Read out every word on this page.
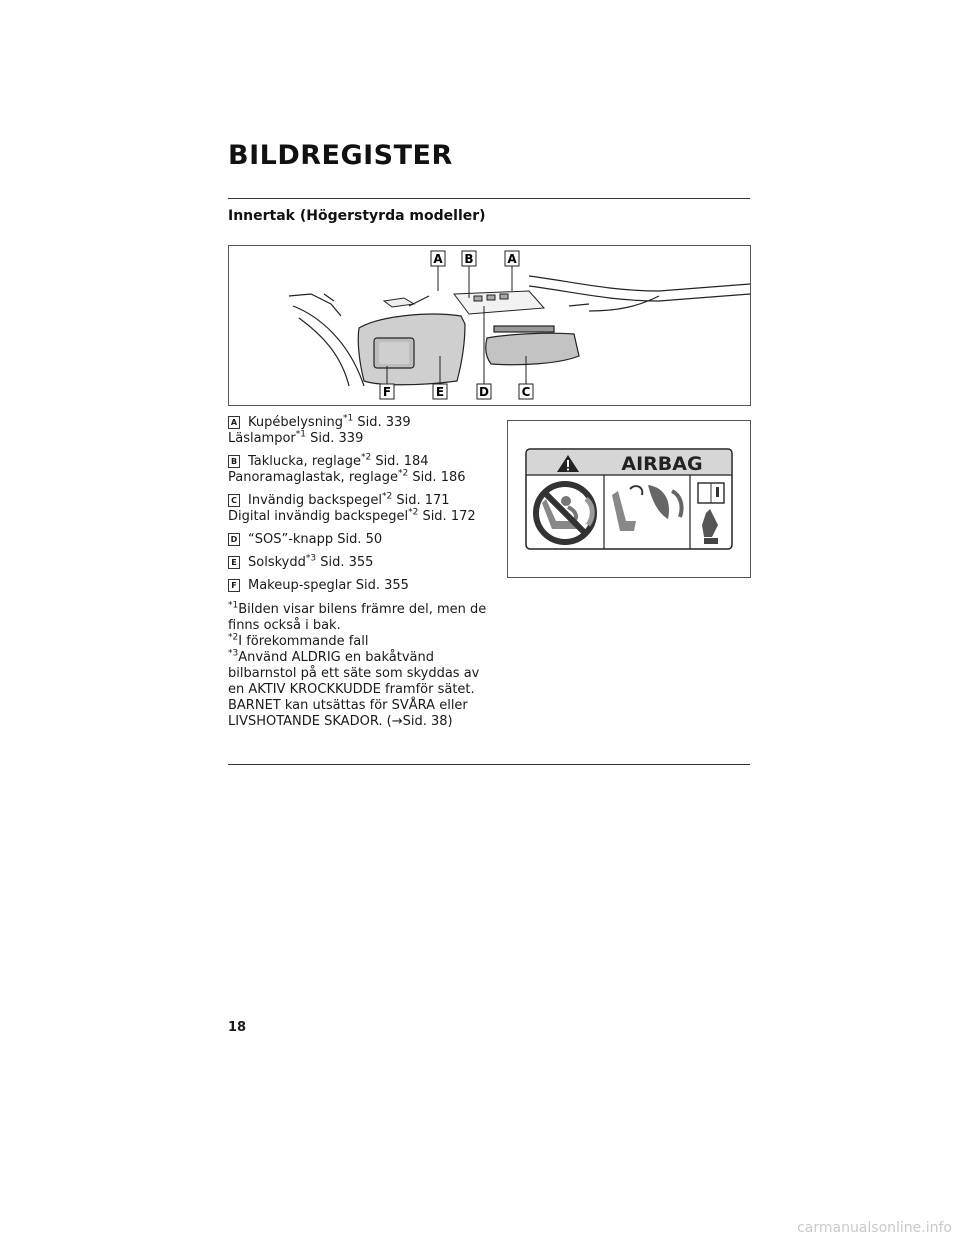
BILDREGISTER
Innertak (Högerstyrda modeller)
A B	A
F	E	D	C
A Kupébelysning$^{*1}$ Sid. 339
Läslampor$^{*1}$ Sid. 339
B Taklucka, reglage$^{*2}$ Sid. 184
Panoramaglastak, reglage$^{*2}$ Sid. 186
C Invändig backspegel$^{*2}$ Sid. 171
Digital invändig backspegel$^{*2}$ Sid. 172
D “SOS”-knapp Sid. 50
E Solskydd$^{*3}$ Sid. 355
F Makeup-speglar Sid. 355
$^{*1}$Bilden visar bilens främre del, men de finns också i bak.
$^{*2}$I förekommande fall
$^{*3}$Använd ALDRIG en bakåtvänd bilbarnstol på ett säte som skyddas av en AKTIV KROCKKUDDE framför sätet. BARNET kan utsättas för SVÅRA eller LIVSHOTANDE SKADOR. (→Sid. 38)
AIRBAG
18
carmanualsonline.info
